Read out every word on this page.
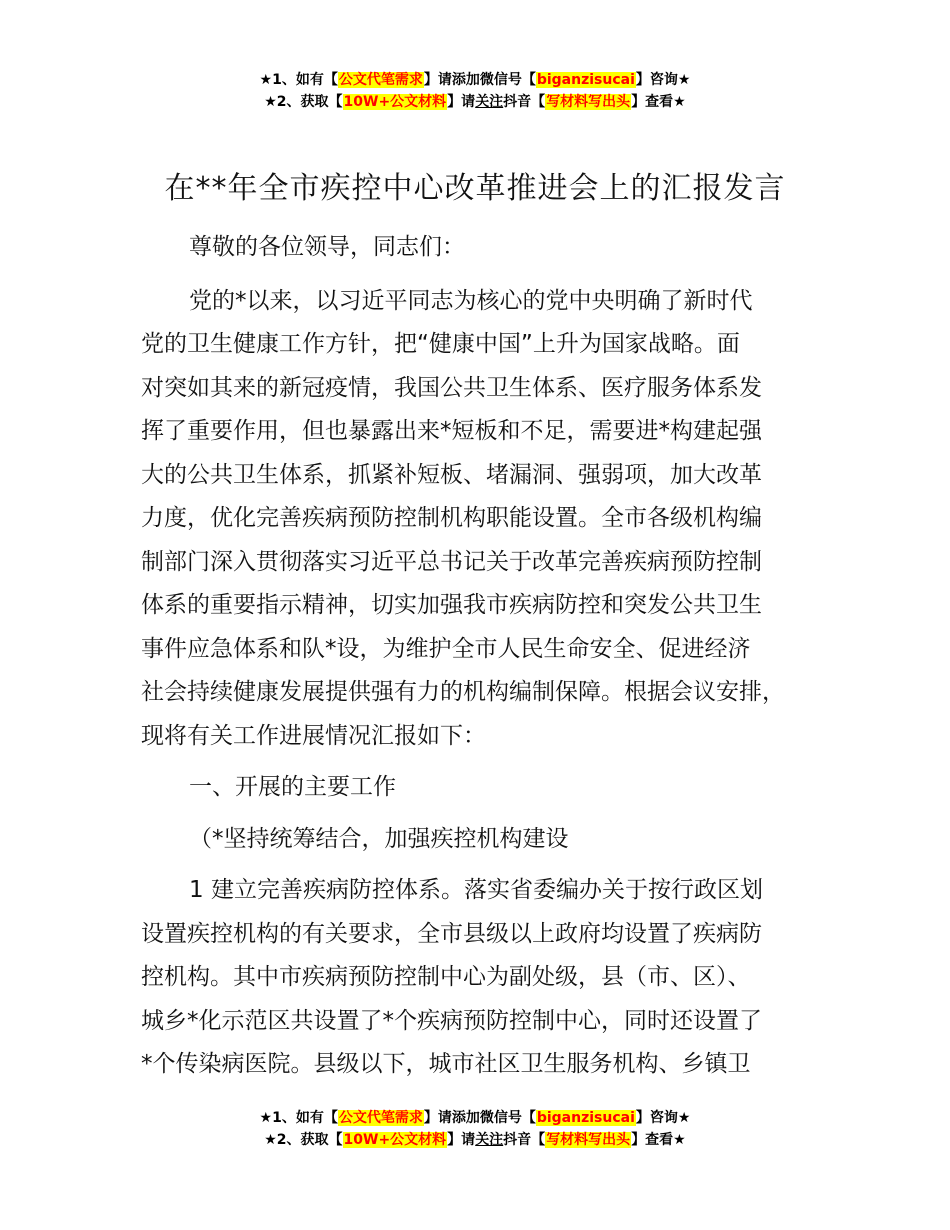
★1、如有【公文代笔需求】请添加微信号【biganzisucai】咨询★
★2、获取【10W+公文材料】请关注抖音【写材料写出头】查看★
在**年全市疾控中心改革推进会上的汇报发言

尊敬的各位领导，同志们：

党的*以来，以习近平同志为核心的党中央明确了新时代

党的卫生健康工作方针，把“健康中国”上升为国家战略。面

对突如其来的新冠疫情，我国公共卫生体系、医疗服务体系发

挥了重要作用，但也暴露出来*短板和不足，需要进*构建起强

大的公共卫生体系，抓紧补短板、堵漏洞、强弱项，加大改革

力度，优化完善疾病预防控制机构职能设置。全市各级机构编

制部门深入贯彻落实习近平总书记关于改革完善疾病预防控制

体系的重要指示精神，切实加强我市疾病防控和突发公共卫生

事件应急体系和队*设，为维护全市人民生命安全、促进经济

社会持续健康发展提供强有力的机构编制保障。根据会议安排，

现将有关工作进展情况汇报如下：

一、开展的主要工作

（*坚持统筹结合，加强疾控机构建设

1 建立完善疾病防控体系。落实省委编办关于按行政区划

设置疾控机构的有关要求，全市县级以上政府均设置了疾病防

控机构。其中市疾病预防控制中心为副处级，县（市、区）、

城乡*化示范区共设置了*个疾病预防控制中心，同时还设置了

*个传染病医院。县级以下，城市社区卫生服务机构、乡镇卫

★1、如有【公文代笔需求】请添加微信号【biganzisucai】咨询★
★2、获取【10W+公文材料】请关注抖音【写材料写出头】查看★
